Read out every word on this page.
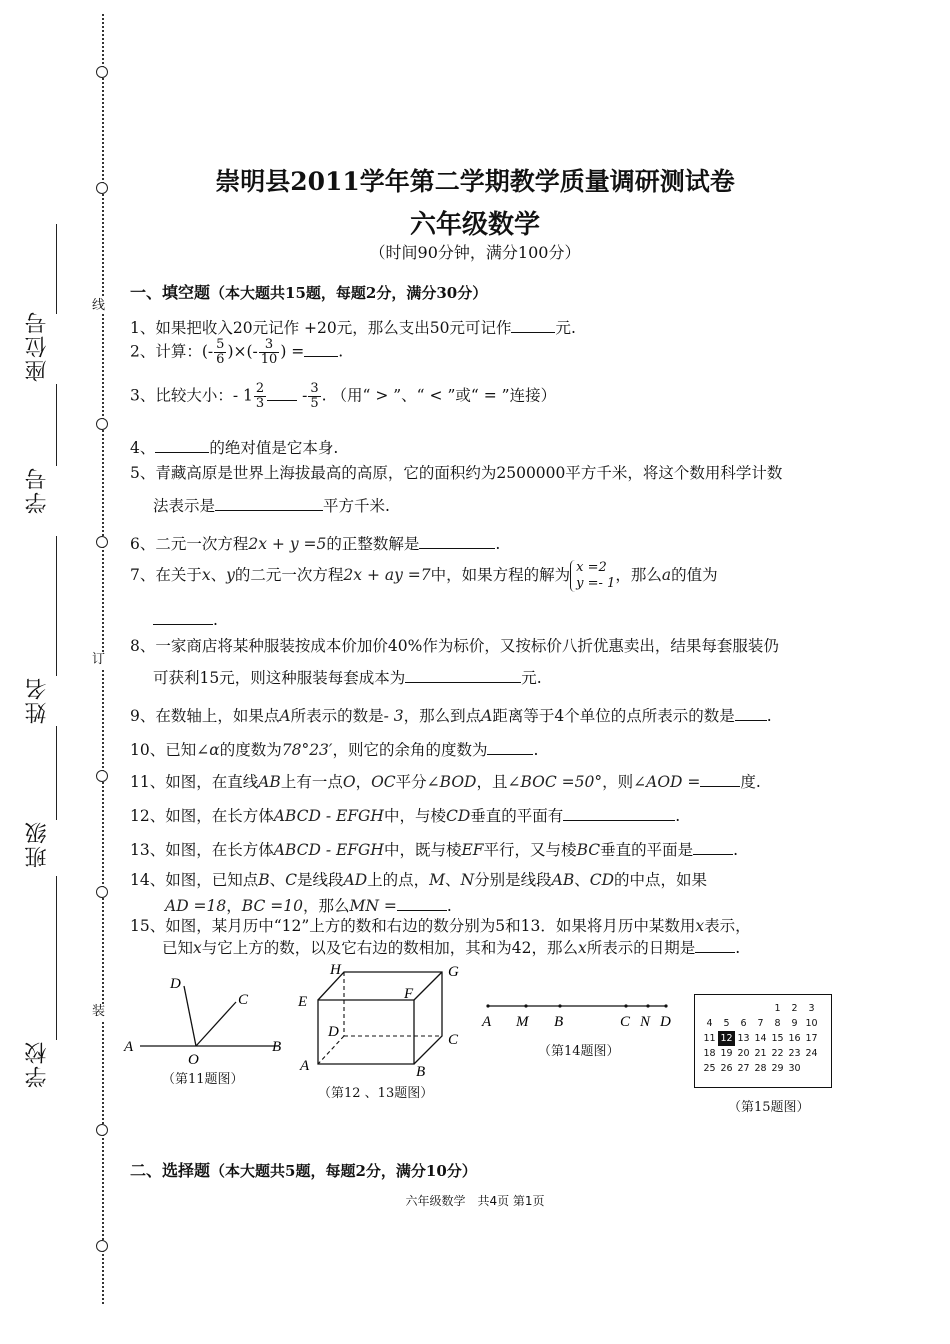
线
订
装
座位号
学号
姓名
班级
学校
崇明县2011学年第二学期教学质量调研测试卷
六年级数学
（时间90分钟，满分100分）
一、填空题（本大题共15题，每题2分，满分30分）
1、如果把收入20元记作 +20元，那么支出50元可记作	元.
2、计算：(- $\frac{5}{6}$ )×(- $\frac{3}{10}$ ) = .
3、比较大小：- $1 \frac{2}{3} - \frac{3}{5}$ . （用“ > ”、“ < ”或“ = ”连接）
4、	的绝对值是它本身.
5、青藏高原是世界上海拔最高的高原，它的面积约为2500000平方千米，将这个数用科学计数
法表示是	平方千米.
6、二元一次方程2x + y =5的正整数解是	.
7、在关于x、y的二元一次方程2x + ay =7中，如果方程的解为 x =2
y =- 1 ，那么a的值为
.
8、一家商店将某种服装按成本价加价40%作为标价，又按标价八折优惠卖出，结果每套服装仍
可获利15元，则这种服装每套成本为	元.
9、在数轴上，如果点A所表示的数是- 3，那么到点A距离等于4个单位的点所表示的数是 .
10、已知∠α的度数为78°23′，则它的余角的度数为	.
11、如图，在直线AB上有一点O，OC平分∠BOD，且∠BOC =50°，则∠AOD =	度.
12、如图，在长方体ABCD - EFGH中，与棱CD垂直的平面有	.
13、如图，在长方体ABCD - EFGH中，既与棱EF平行，又与棱BC垂直的平面是	.
14、如图，已知点B、C是线段AD上的点，M、N分别是线段AB、CD的中点，如果
AD =18，BC =10，那么MN =	.
15、如图，某月历中“12”上方的数和右边的数分别为5和13．如果将月历中某数用x表示，
已知x与它上方的数，以及它右边的数相加，其和为42，那么x所表示的日期是	.
D
C
A
O
B
（第11题图）
H	G
E	F
D	C
A	B
（第12 、13题图）
A M B	C N D
（第14题图）
				1	2	3
4	5	6	7	8	9	10
11	12	13	14	15	16	17
18	19	20	21	22	23	24
25	26	27	28	29	30	
（第15题图）
二、选择题（本大题共5题，每题2分，满分10分）
六年级数学　共4页 第1页
